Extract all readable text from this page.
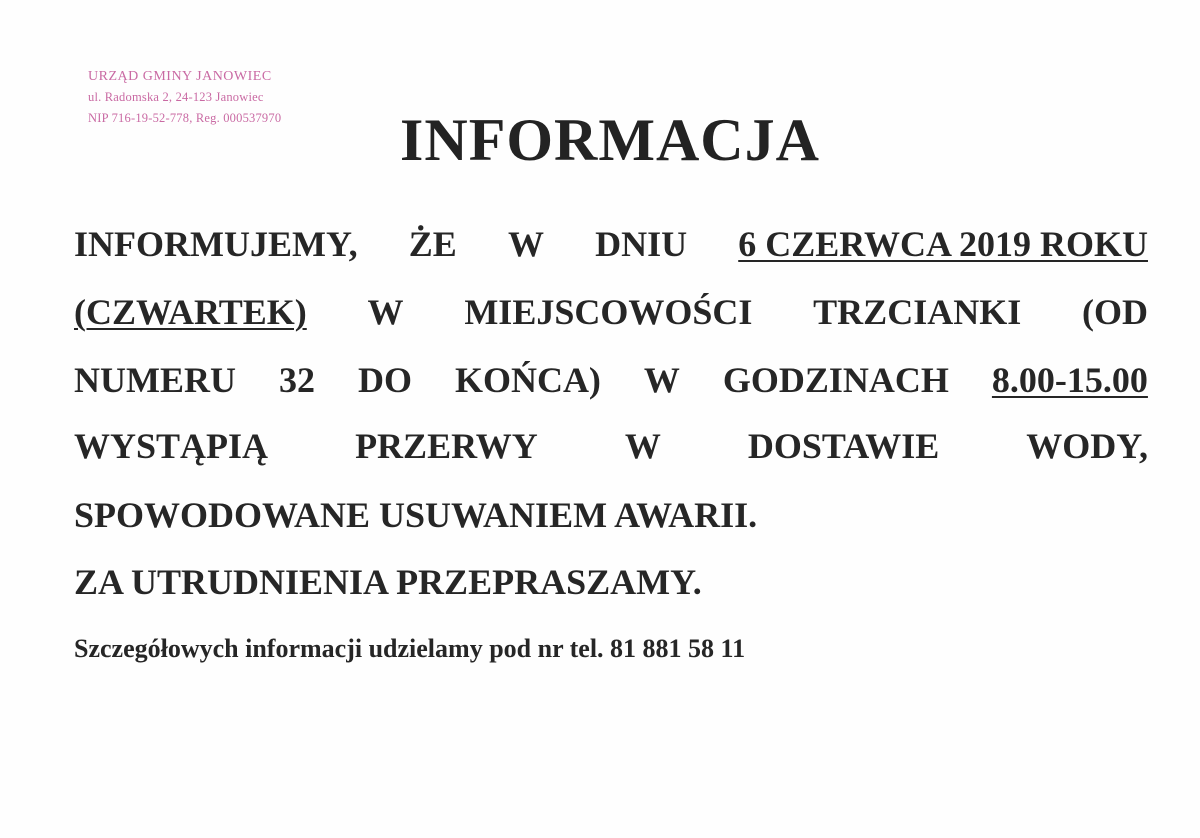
URZĄD GMINY JANOWIEC
ul. Radomska 2, 24-123 Janowiec
NIP 716-19-52-778, Reg. 000537970	INFORMACJA
INFORMUJEMY, ŻE W DNIU 6 CZERWCA 2019 ROKU
(CZWARTEK) W MIEJSCOWOŚCI TRZCIANKI (OD
NUMERU 32 DO KOŃCA) W GODZINACH 8.00-15.00
WYSTĄPIĄ PRZERWY W DOSTAWIE WODY,
SPOWODOWANE USUWANIEM AWARII.
ZA UTRUDNIENIA PRZEPRASZAMY.
Szczegółowych informacji udzielamy pod nr tel. 81 881 58 11
